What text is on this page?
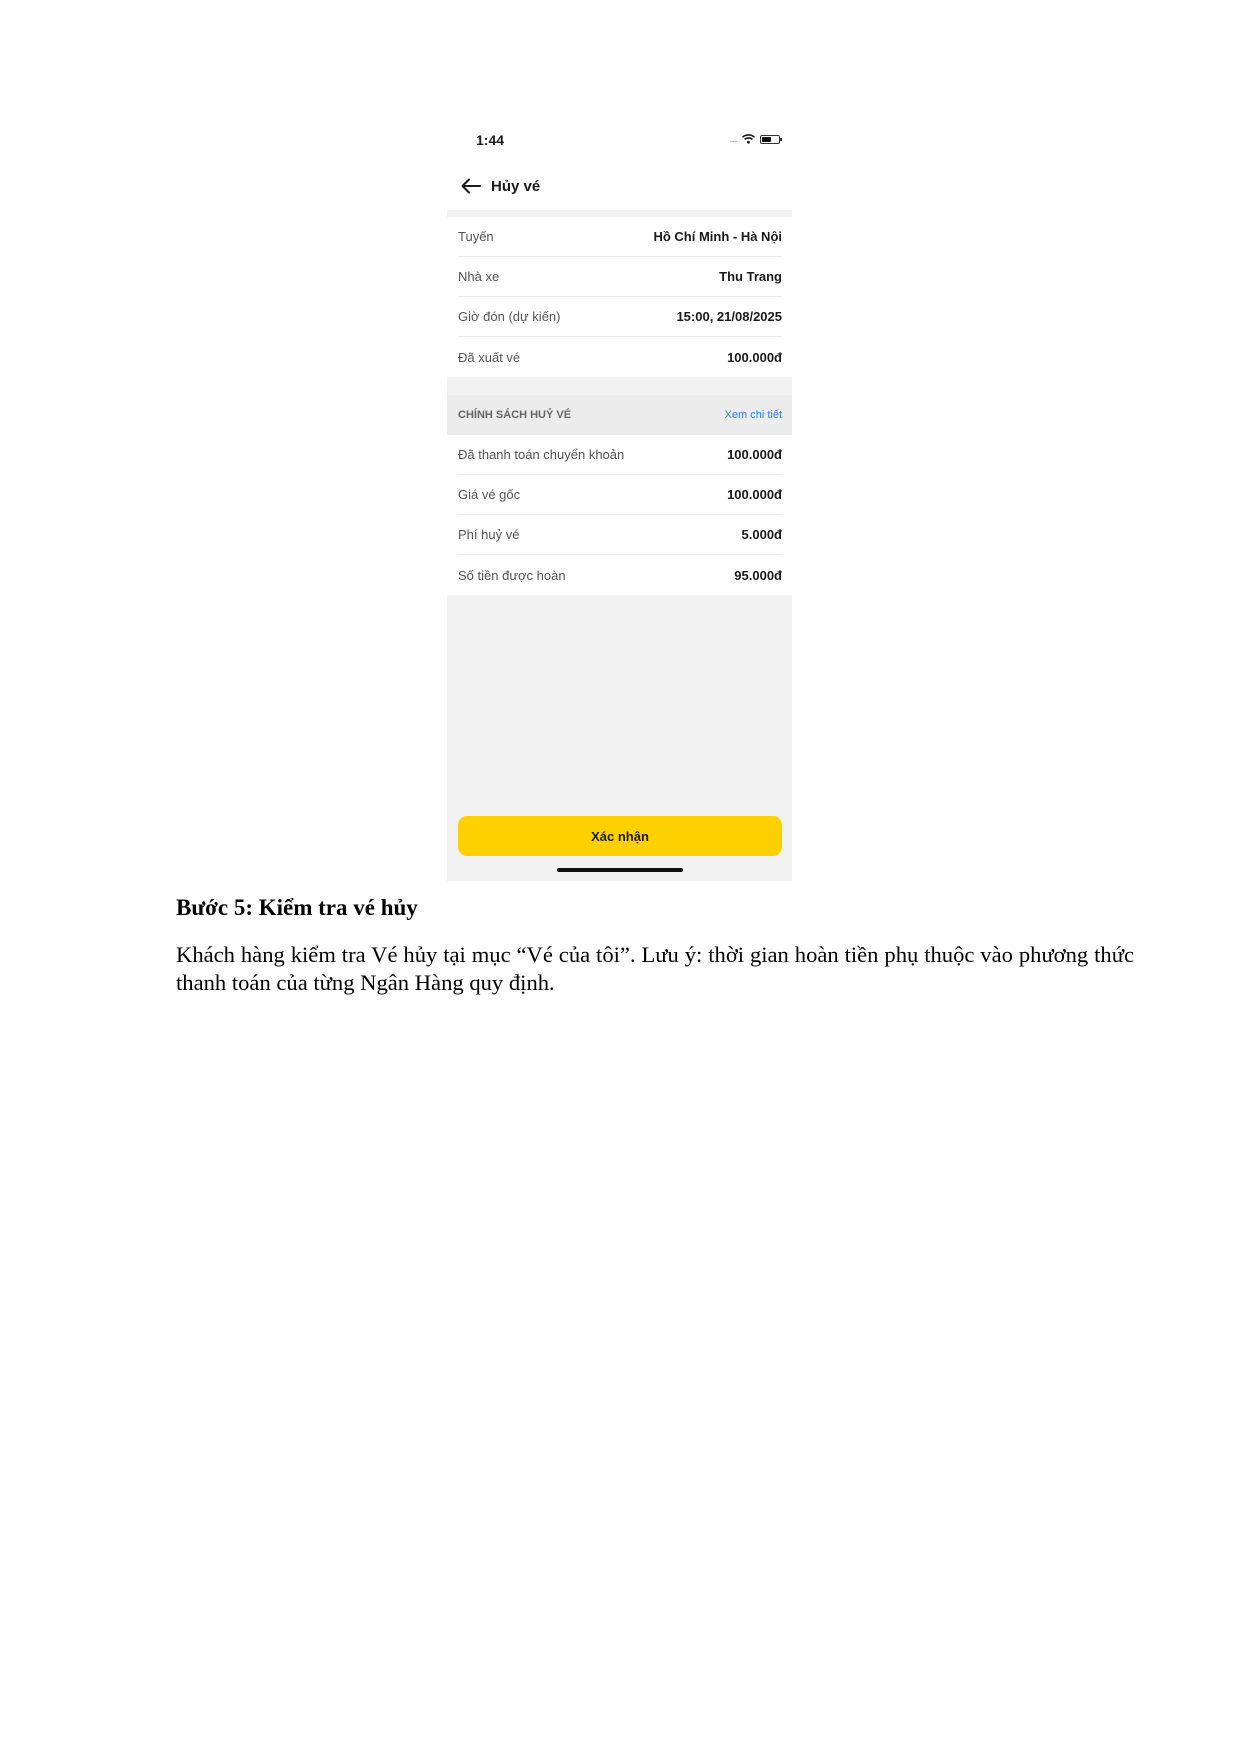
1:44	.....
Hủy vé
Tuyến	Hồ Chí Minh - Hà Nội
Nhà xe	Thu Trang
Giờ đón (dự kiến)	15:00, 21/08/2025
Đã xuất vé	100.000đ
CHÍNH SÁCH HUỶ VÉ	Xem chi tiết
Đã thanh toán chuyển khoản	100.000đ
Giá vé gốc	100.000đ
Phí huỷ vé	5.000đ
Số tiền được hoàn	95.000đ
Xác nhận

Bước 5: Kiểm tra vé hủy

Khách hàng kiểm tra Vé hủy tại mục “Vé của tôi”. Lưu ý: thời gian hoàn tiền phụ thuộc vào phương thức thanh toán của từng Ngân Hàng quy định.
